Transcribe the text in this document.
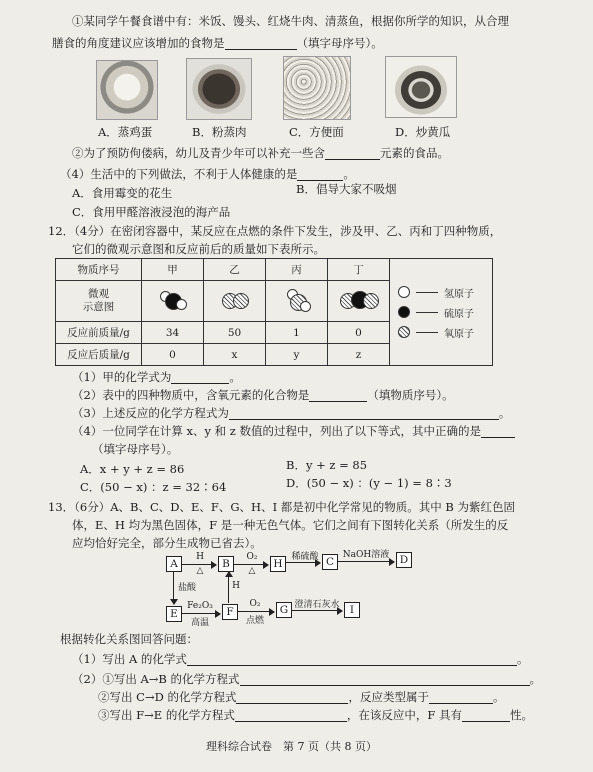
①某同学午餐食谱中有：米饭、馒头、红烧牛肉、清蒸鱼，根据你所学的知识，从合理
膳食的角度建议应该增加的食物是	（填字母序号）。
A．蒸鸡蛋	B．粉蒸肉	C．方便面	D．炒黄瓜
②为了预防佝偻病，幼儿及青少年可以补充一些含	元素的食品。
（4）生活中的下列做法，不利于人体健康的是	。
A．食用霉变的花生	B．倡导大家不吸烟
C．食用甲醛溶液浸泡的海产品
12．（4分）在密闭容器中，某反应在点燃的条件下发生，涉及甲、乙、丙和丁四种物质，
它们的微观示意图和反应前后的质量如下表所示。
物质序号	甲	乙	丙	丁	氢原子
硫原子
氧原子

微观
示意图		

反应前质量/g	34	50	1	0	
反应后质量/g	0	x	y	z	
（1）甲的化学式为	。
（2）表中的四种物质中，含氧元素的化合物是	（填物质序号）。
（3）上述反应的化学方程式为	。
（4）一位同学在计算 x、y 和 z 数值的过程中，列出了以下等式，其中正确的是
（填字母序号）。
A．x + y + z = 86	B．y + z = 85
C．(50 − x) ：z = 32∶64	D．(50 − x) ：(y − 1) = 8∶3
13．（6分）A、B、C、D、E、F、G、H、I 都是初中化学常见的物质。其中 B 为紫红色固
体，E、H 均为黑色固体，F 是一种无色气体。它们之间有下图转化关系（所发生的反
应均恰好完全，部分生成物已省去）。
A	B	H	C	D
E	F	G	I
H
△
O₂
△
稀硫酸	NaOH溶液
盐酸	H
Fe₂O₃
高温
O₂
点燃
澄清石灰水
根据转化关系图回答问题：
（1）写出 A 的化学式	。
（2）①写出 A→B 的化学方程式	。
②写出 C→D 的化学方程式	，反应类型属于	。
③写出 F→E 的化学方程式	，在该反应中，F 具有	性。
理科综合试卷　第 7 页（共 8 页）
